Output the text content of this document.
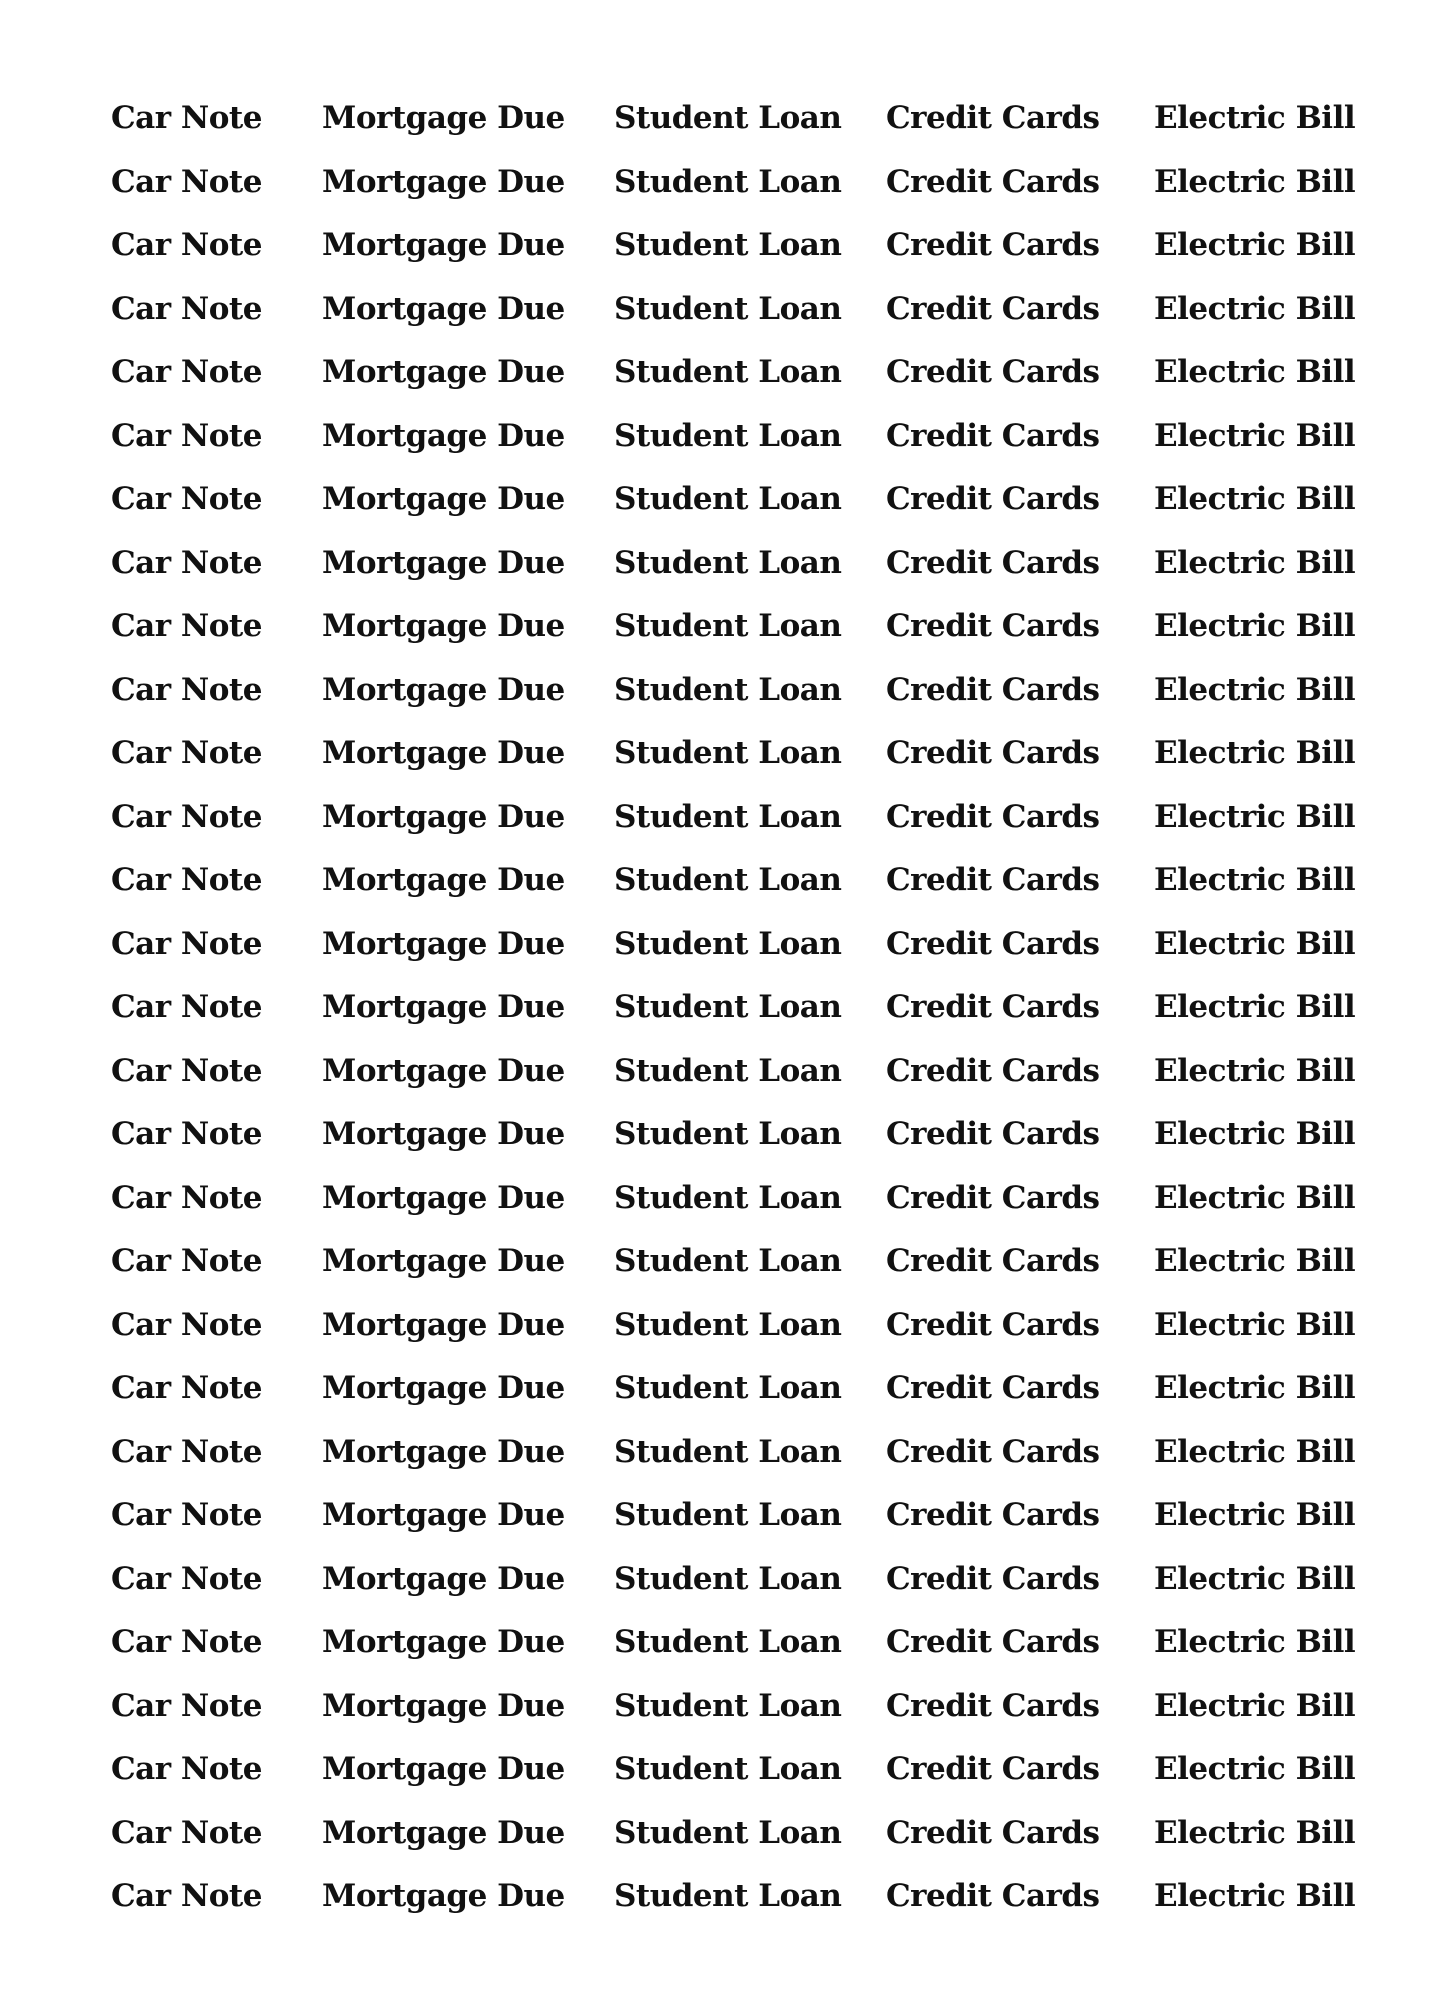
Car Note Mortgage Due Student Loan Credit Cards Electric Bill
Car Note Mortgage Due Student Loan Credit Cards Electric Bill
Car Note Mortgage Due Student Loan Credit Cards Electric Bill
Car Note Mortgage Due Student Loan Credit Cards Electric Bill
Car Note Mortgage Due Student Loan Credit Cards Electric Bill
Car Note Mortgage Due Student Loan Credit Cards Electric Bill
Car Note Mortgage Due Student Loan Credit Cards Electric Bill
Car Note Mortgage Due Student Loan Credit Cards Electric Bill
Car Note Mortgage Due Student Loan Credit Cards Electric Bill
Car Note Mortgage Due Student Loan Credit Cards Electric Bill
Car Note Mortgage Due Student Loan Credit Cards Electric Bill
Car Note Mortgage Due Student Loan Credit Cards Electric Bill
Car Note Mortgage Due Student Loan Credit Cards Electric Bill
Car Note Mortgage Due Student Loan Credit Cards Electric Bill
Car Note Mortgage Due Student Loan Credit Cards Electric Bill
Car Note Mortgage Due Student Loan Credit Cards Electric Bill
Car Note Mortgage Due Student Loan Credit Cards Electric Bill
Car Note Mortgage Due Student Loan Credit Cards Electric Bill
Car Note Mortgage Due Student Loan Credit Cards Electric Bill
Car Note Mortgage Due Student Loan Credit Cards Electric Bill
Car Note Mortgage Due Student Loan Credit Cards Electric Bill
Car Note Mortgage Due Student Loan Credit Cards Electric Bill
Car Note Mortgage Due Student Loan Credit Cards Electric Bill
Car Note Mortgage Due Student Loan Credit Cards Electric Bill
Car Note Mortgage Due Student Loan Credit Cards Electric Bill
Car Note Mortgage Due Student Loan Credit Cards Electric Bill
Car Note Mortgage Due Student Loan Credit Cards Electric Bill
Car Note Mortgage Due Student Loan Credit Cards Electric Bill
Car Note Mortgage Due Student Loan Credit Cards Electric Bill
